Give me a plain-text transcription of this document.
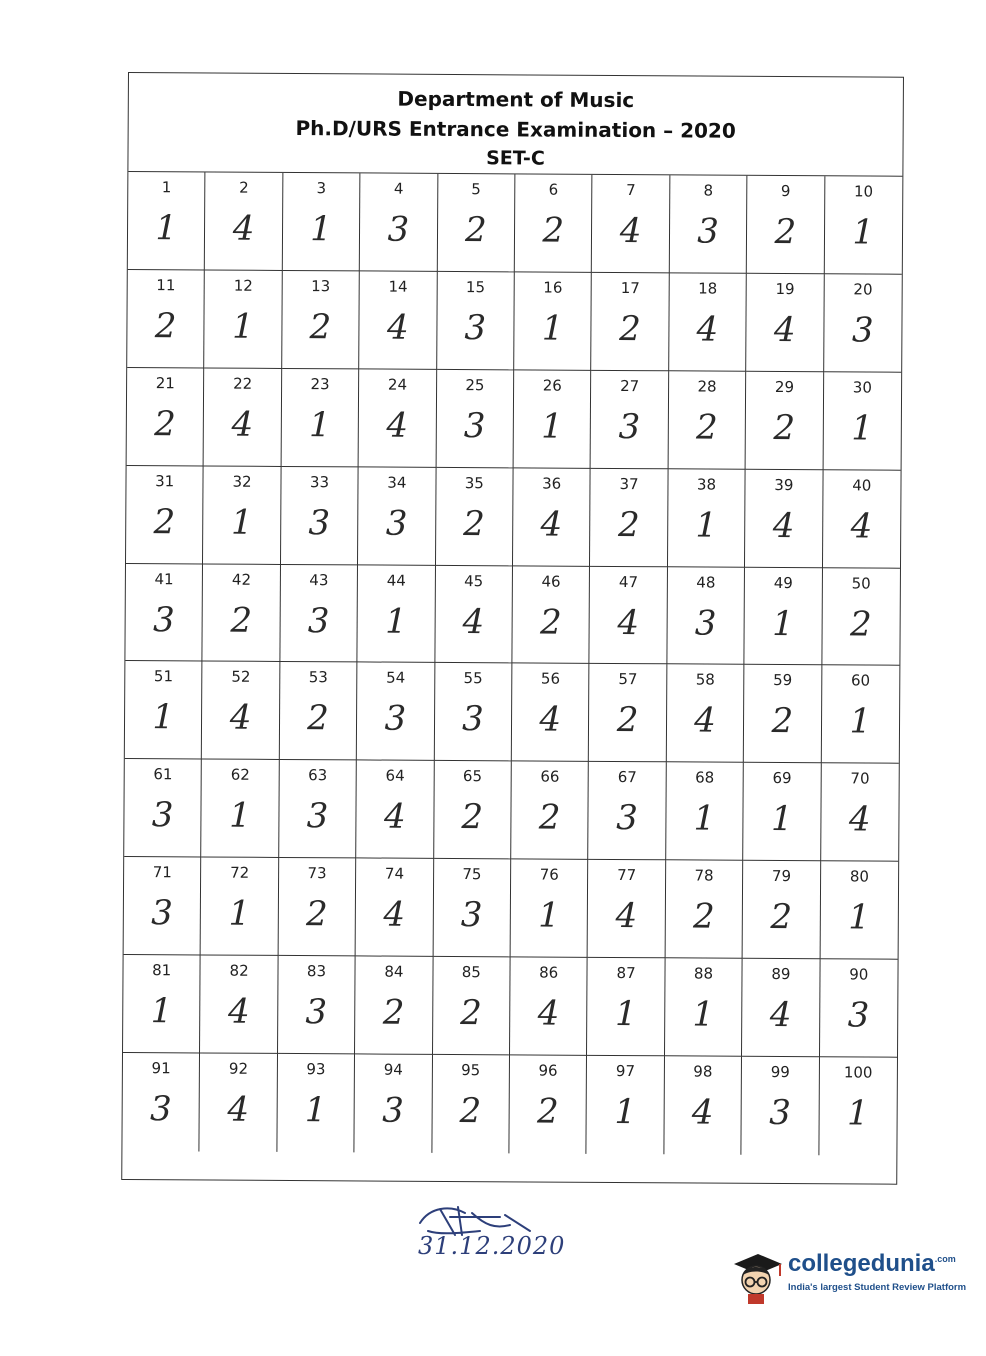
Department of Music
Ph.D/URS Entrance Examination – 2020
SET-C
1
1
2
4
3
1
4
3
5
2
6
2
7
4
8
3
9
2
10
1
11
2
12
1
13
2
14
4
15
3
16
1
17
2
18
4
19
4
20
3
21
2
22
4
23
1
24
4
25
3
26
1
27
3
28
2
29
2
30
1
31
2
32
1
33
3
34
3
35
2
36
4
37
2
38
1
39
4
40
4
41
3
42
2
43
3
44
1
45
4
46
2
47
4
48
3
49
1
50
2
51
1
52
4
53
2
54
3
55
3
56
4
57
2
58
4
59
2
60
1
61
3
62
1
63
3
64
4
65
2
66
2
67
3
68
1
69
1
70
4
71
3
72
1
73
2
74
4
75
3
76
1
77
4
78
2
79
2
80
1
81
1
82
4
83
3
84
2
85
2
86
4
87
1
88
1
89
4
90
3
91
3
92
4
93
1
94
3
95
2
96
2
97
1
98
4
99
3
100
1
31.12.2020
collegedunia$^{.com}$
India's largest Student Review Platform
